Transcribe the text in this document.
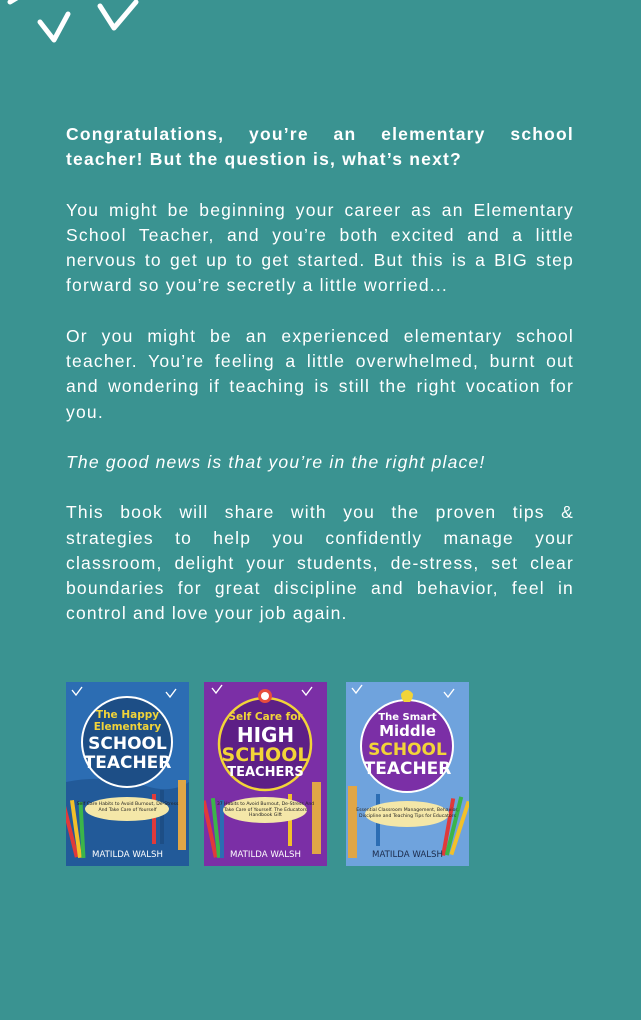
Congratulations, you’re an elementary school teacher! But the question is, what’s next?

You might be beginning your career as an Elementary School Teacher, and you’re both excited and a little nervous to get up to get started. But this is a BIG step forward so you’re secretly a little worried...

Or you might be an experienced elementary school teacher. You’re feeling a little overwhelmed, burnt out and wondering if teaching is still the right vocation for you.

The good news is that you’re in the right place!

This book will share with you the proven tips & strategies to help you confidently manage your classroom, delight your students, de-stress, set clear boundaries for great discipline and behavior, feel in control and love your job again.

The Happy
Elementary
SCHOOL
TEACHER
Self Care Habits to Avoid Burnout, De-Stress And Take Care of Yourself
MATILDA WALSH
Self Care for
HIGH
SCHOOL
TEACHERS
37 Habits to Avoid Burnout, De-Stress And Take Care of Yourself. The Educators Handbook Gift
MATILDA WALSH
The Smart
Middle
SCHOOL
TEACHER
Essential Classroom Management, Behavior, Discipline and Teaching Tips for Educators
MATILDA WALSH
